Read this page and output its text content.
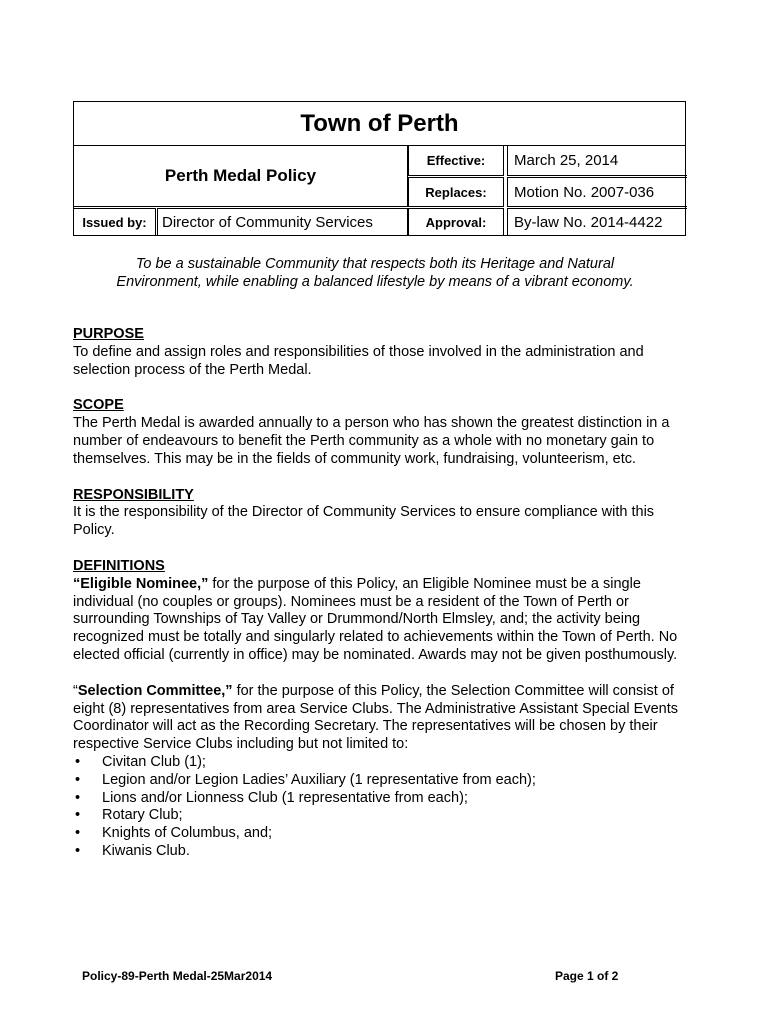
Town of Perth
Perth Medal Policy
Effective:	March 25, 2014
Replaces:	Motion No. 2007-036
Issued by:	Director of Community Services	Approval:	By-law No. 2014-4422
To be a sustainable Community that respects both its Heritage and Natural
Environment, while enabling a balanced lifestyle by means of a vibrant economy.

PURPOSE

To define and assign roles and responsibilities of those involved in the administration and selection process of the Perth Medal.

SCOPE

The Perth Medal is awarded annually to a person who has shown the greatest distinction in a number of endeavours to benefit the Perth community as a whole with no monetary gain to themselves. This may be in the fields of community work, fundraising, volunteerism, etc.

RESPONSIBILITY

It is the responsibility of the Director of Community Services to ensure compliance with this Policy.

DEFINITIONS

“Eligible Nominee,” for the purpose of this Policy, an Eligible Nominee must be a single individual (no couples or groups). Nominees must be a resident of the Town of Perth or surrounding Townships of Tay Valley or Drummond/North Elmsley, and; the activity being recognized must be totally and singularly related to achievements within the Town of Perth. No elected official (currently in office) may be nominated. Awards may not be given posthumously.

“Selection Committee,” for the purpose of this Policy, the Selection Committee will consist of eight (8) representatives from area Service Clubs. The Administrative Assistant Special Events Coordinator will act as the Recording Secretary. The representatives will be chosen by their respective Service Clubs including but not limited to:

• Civitan Club (1);
• Legion and/or Legion Ladies’ Auxiliary (1 representative from each);
• Lions and/or Lionness Club (1 representative from each);
• Rotary Club;
• Knights of Columbus, and;
• Kiwanis Club.
Policy-89-Perth Medal-25Mar2014	Page 1 of 2
